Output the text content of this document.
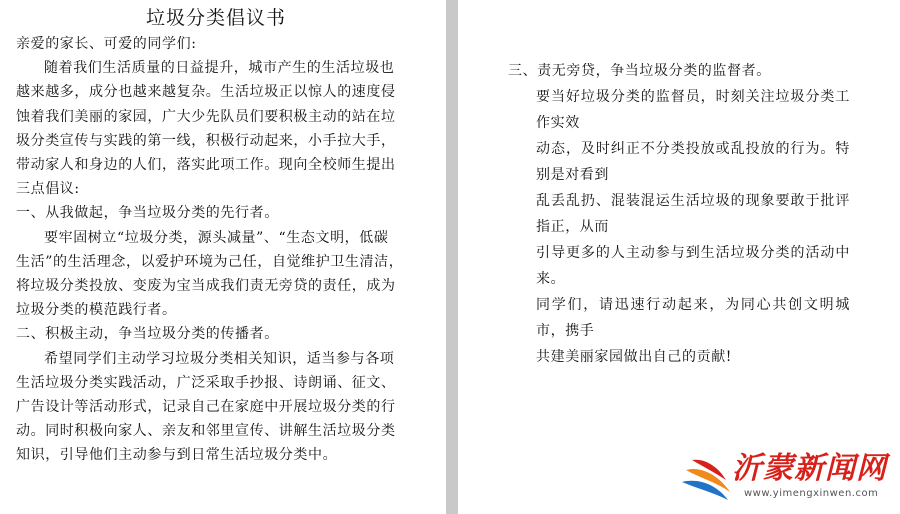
垃圾分类倡议书

亲爱的家长、可爱的同学们:

随着我们生活质量的日益提升，城市产生的生活垃圾也

越来越多，成分也越来越复杂。生活垃圾正以惊人的速度侵

蚀着我们美丽的家园，广大少先队员们要积极主动的站在垃

圾分类宣传与实践的第一线，积极行动起来，小手拉大手，

带动家人和身边的人们，落实此项工作。现向全校师生提出

三点倡议:

一、从我做起，争当垃圾分类的先行者。

要牢固树立“垃圾分类，源头减量”、“生态文明，低碳

生活”的生活理念，以爱护环境为己任，自觉维护卫生清洁，

将垃圾分类投放、变废为宝当成我们责无旁贷的责任，成为

垃圾分类的模范践行者。

二、积极主动，争当垃圾分类的传播者。

希望同学们主动学习垃圾分类相关知识，适当参与各项

生活垃圾分类实践活动，广泛采取手抄报、诗朗诵、征文、

广告设计等活动形式，记录自己在家庭中开展垃圾分类的行

动。同时积极向家人、亲友和邻里宣传、讲解生活垃圾分类

知识，引导他们主动参与到日常生活垃圾分类中。

三、责无旁贷，争当垃圾分类的监督者。

要当好垃圾分类的监督员，时刻关注垃圾分类工作实效

动态，及时纠正不分类投放或乱投放的行为。特别是对看到

乱丢乱扔、混装混运生活垃圾的现象要敢于批评指正，从而

引导更多的人主动参与到生活垃圾分类的活动中来。

同学们，请迅速行动起来，为同心共创文明城市，携手

共建美丽家园做出自己的贡献!

沂蒙新闻网
www.yimengxinwen.com
